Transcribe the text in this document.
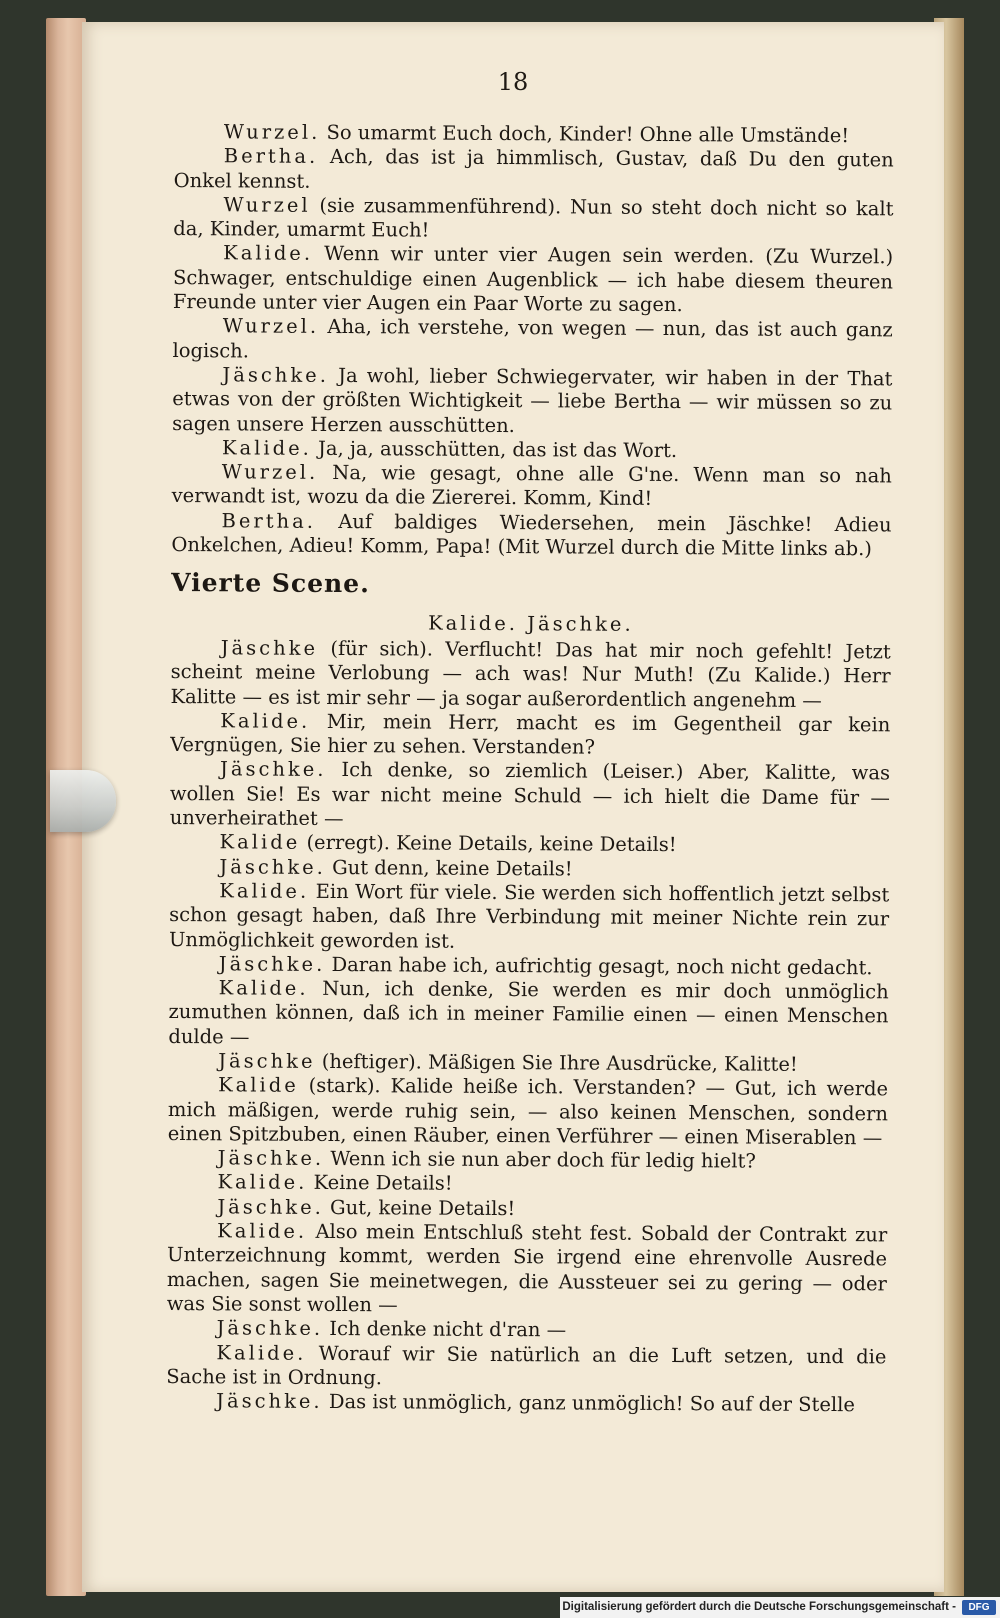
18

Wurzel. So umarmt Euch doch, Kinder! Ohne alle Umstände!

Bertha. Ach, das ist ja himmlisch, Gustav, daß Du den guten Onkel kennst.

Wurzel (sie zusammenführend). Nun so steht doch nicht so kalt da, Kinder, umarmt Euch!

Kalide. Wenn wir unter vier Augen sein werden. (Zu Wurzel.) Schwager, entschuldige einen Augenblick — ich habe diesem theuren Freunde unter vier Augen ein Paar Worte zu sagen.

Wurzel. Aha, ich verstehe, von wegen — nun, das ist auch ganz logisch.

Jäschke. Ja wohl, lieber Schwiegervater, wir haben in der That etwas von der größten Wichtigkeit — liebe Bertha — wir müssen so zu sagen unsere Herzen ausschütten.

Kalide. Ja, ja, ausschütten, das ist das Wort.

Wurzel. Na, wie gesagt, ohne alle G'ne. Wenn man so nah verwandt ist, wozu da die Ziererei. Komm, Kind!

Bertha. Auf baldiges Wiedersehen, mein Jäschke! Adieu Onkelchen, Adieu! Komm, Papa! (Mit Wurzel durch die Mitte links ab.)

Vierte Scene.

Kalide. Jäschke.

Jäschke (für sich). Verflucht! Das hat mir noch gefehlt! Jetzt scheint meine Verlobung — ach was! Nur Muth! (Zu Kalide.) Herr Kalitte — es ist mir sehr — ja sogar außerordentlich angenehm —

Kalide. Mir, mein Herr, macht es im Gegentheil gar kein Vergnügen, Sie hier zu sehen. Verstanden?

Jäschke. Ich denke, so ziemlich (Leiser.) Aber, Kalitte, was wollen Sie! Es war nicht meine Schuld — ich hielt die Dame für — unverheirathet —

Kalide (erregt). Keine Details, keine Details!

Jäschke. Gut denn, keine Details!

Kalide. Ein Wort für viele. Sie werden sich hoffentlich jetzt selbst schon gesagt haben, daß Ihre Verbindung mit meiner Nichte rein zur Unmöglichkeit geworden ist.

Jäschke. Daran habe ich, aufrichtig gesagt, noch nicht gedacht.

Kalide. Nun, ich denke, Sie werden es mir doch unmöglich zumuthen können, daß ich in meiner Familie einen — einen Menschen dulde —

Jäschke (heftiger). Mäßigen Sie Ihre Ausdrücke, Kalitte!

Kalide (stark). Kalide heiße ich. Verstanden? — Gut, ich werde mich mäßigen, werde ruhig sein, — also keinen Menschen, sondern einen Spitzbuben, einen Räuber, einen Verführer — einen Miserablen —

Jäschke. Wenn ich sie nun aber doch für ledig hielt?

Kalide. Keine Details!

Jäschke. Gut, keine Details!

Kalide. Also mein Entschluß steht fest. Sobald der Contrakt zur Unterzeichnung kommt, werden Sie irgend eine ehrenvolle Ausrede machen, sagen Sie meinetwegen, die Aussteuer sei zu gering — oder was Sie sonst wollen —

Jäschke. Ich denke nicht d'ran —

Kalide. Worauf wir Sie natürlich an die Luft setzen, und die Sache ist in Ordnung.

Jäschke. Das ist unmöglich, ganz unmöglich! So auf der Stelle

Digitalisierung gefördert durch die Deutsche Forschungsgemeinschaft -	DFG
